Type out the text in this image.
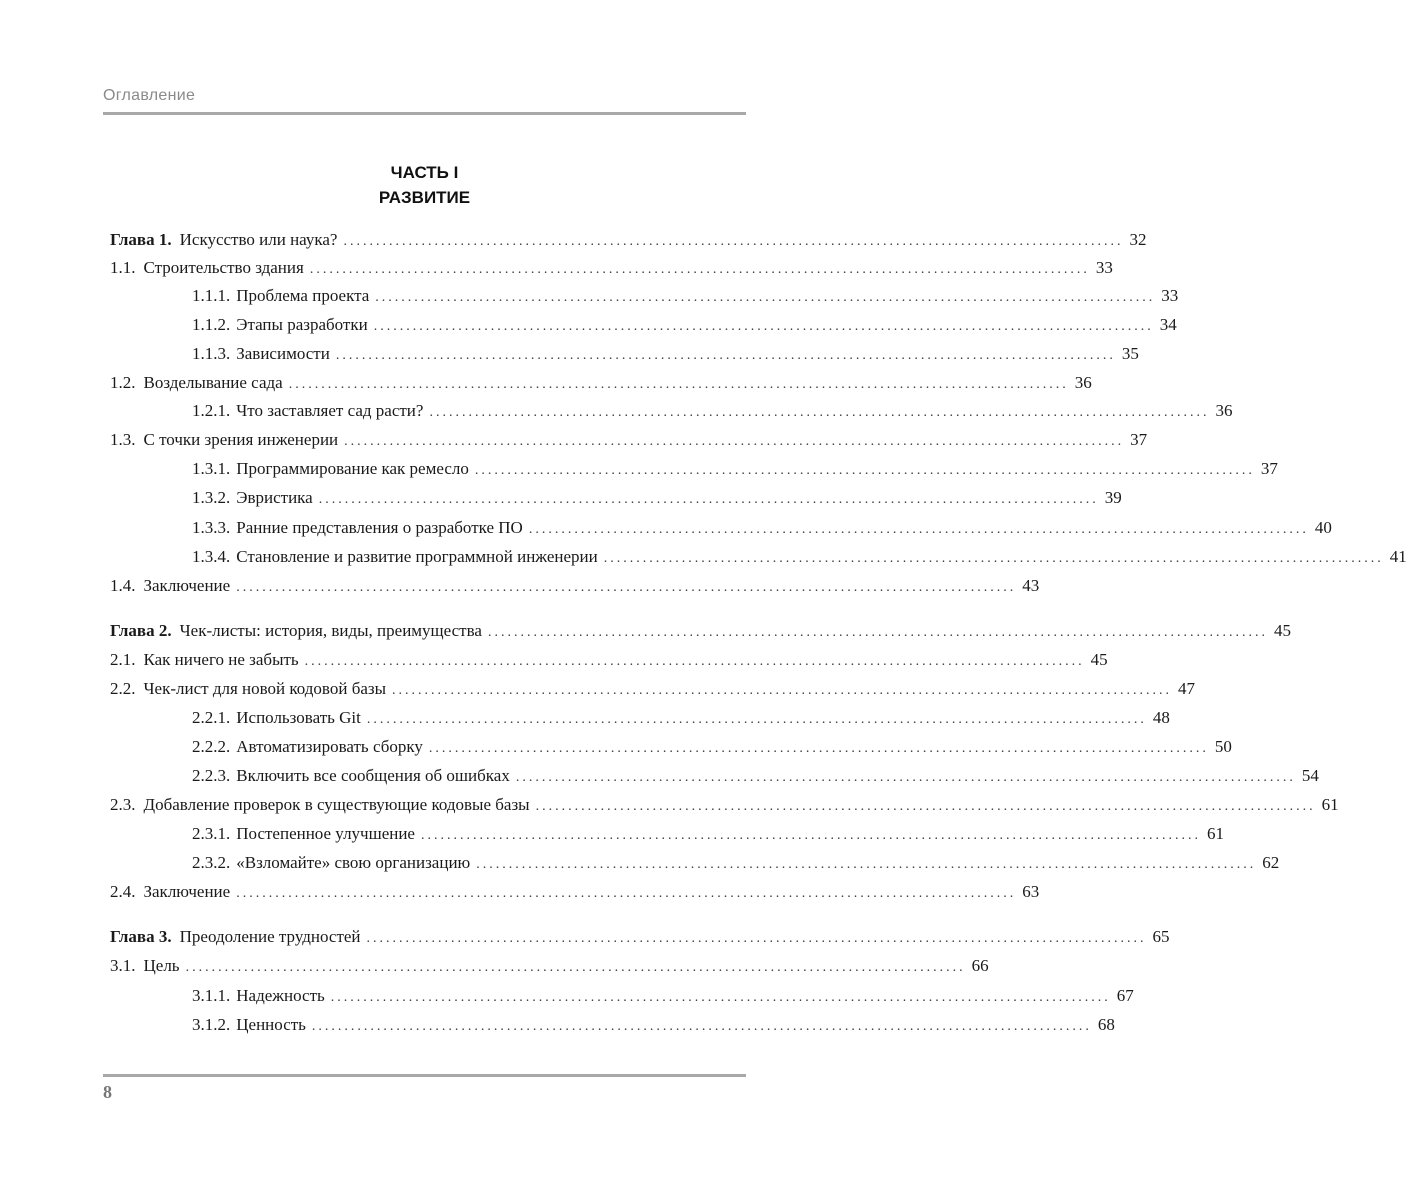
Оглавление
ЧАСТЬ I
РАЗВИТИЕ
Глава 1. Искусство или наука? ........................................................................................................................ 32
1.1. Строительство здания ........................................................................................................................ 33
1.1.1. Проблема проекта ........................................................................................................................ 33
1.1.2. Этапы разработки ........................................................................................................................ 34
1.1.3. Зависимости ........................................................................................................................ 35
1.2. Возделывание сада ........................................................................................................................ 36
1.2.1. Что заставляет сад расти? ........................................................................................................................ 36
1.3. С точки зрения инженерии ........................................................................................................................ 37
1.3.1. Программирование как ремесло ........................................................................................................................ 37
1.3.2. Эвристика ........................................................................................................................ 39
1.3.3. Ранние представления о разработке ПО ........................................................................................................................ 40
1.3.4. Становление и развитие программной инженерии ........................................................................................................................ 41
1.4. Заключение ........................................................................................................................ 43
Глава 2. Чек-листы: история, виды, преимущества ........................................................................................................................ 45
2.1. Как ничего не забыть ........................................................................................................................ 45
2.2. Чек-лист для новой кодовой базы ........................................................................................................................ 47
2.2.1. Использовать Git ........................................................................................................................ 48
2.2.2. Автоматизировать сборку ........................................................................................................................ 50
2.2.3. Включить все сообщения об ошибках ........................................................................................................................ 54
2.3. Добавление проверок в существующие кодовые базы ........................................................................................................................ 61
2.3.1. Постепенное улучшение ........................................................................................................................ 61
2.3.2. «Взломайте» свою организацию ........................................................................................................................ 62
2.4. Заключение ........................................................................................................................ 63
Глава 3. Преодоление трудностей ........................................................................................................................ 65
3.1. Цель ........................................................................................................................ 66
3.1.1. Надежность ........................................................................................................................ 67
3.1.2. Ценность ........................................................................................................................ 68
8
